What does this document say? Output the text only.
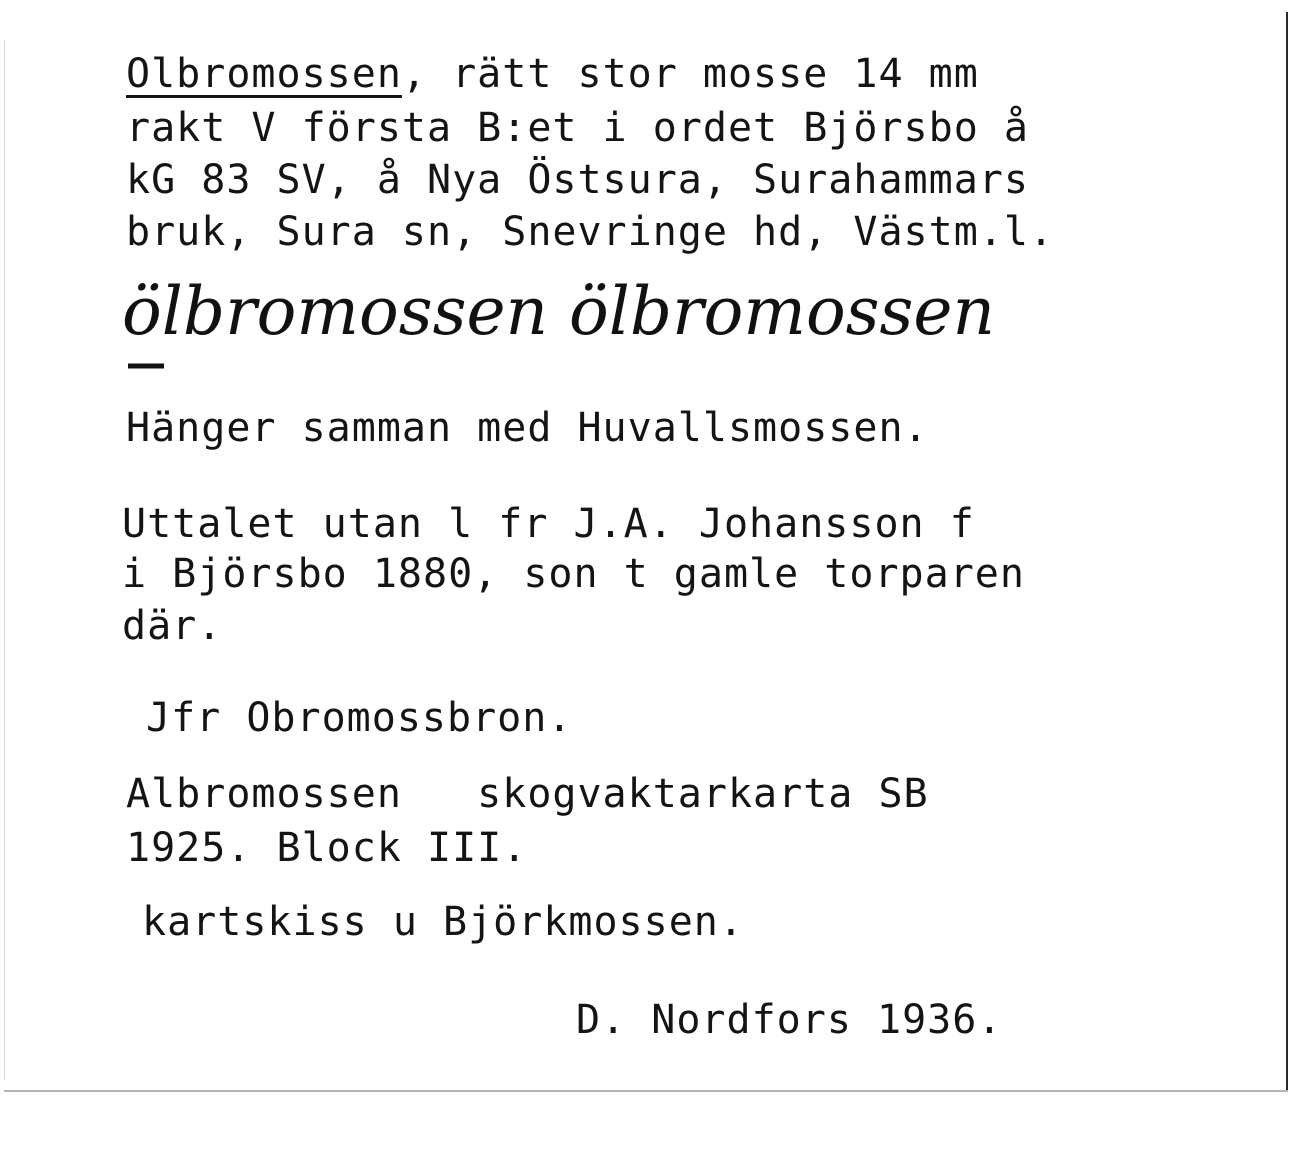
Olbromossen, rätt stor mosse 14 mm
rakt V första B:et i ordet Björsbo å
kG 83 SV, å Nya Östsura, Surahammars
bruk, Sura sn, Snevringe hd, Västm.l.
ölbromossen ölbromossen
Hänger samman med Huvallsmossen.
Uttalet utan l fr J.A. Johansson f
i Björsbo 1880, son t gamle torparen
där.
Jfr Obromossbron.
Albromossen   skogvaktarkarta SB
1925. Block III.
kartskiss u Björkmossen.
D. Nordfors 1936.
